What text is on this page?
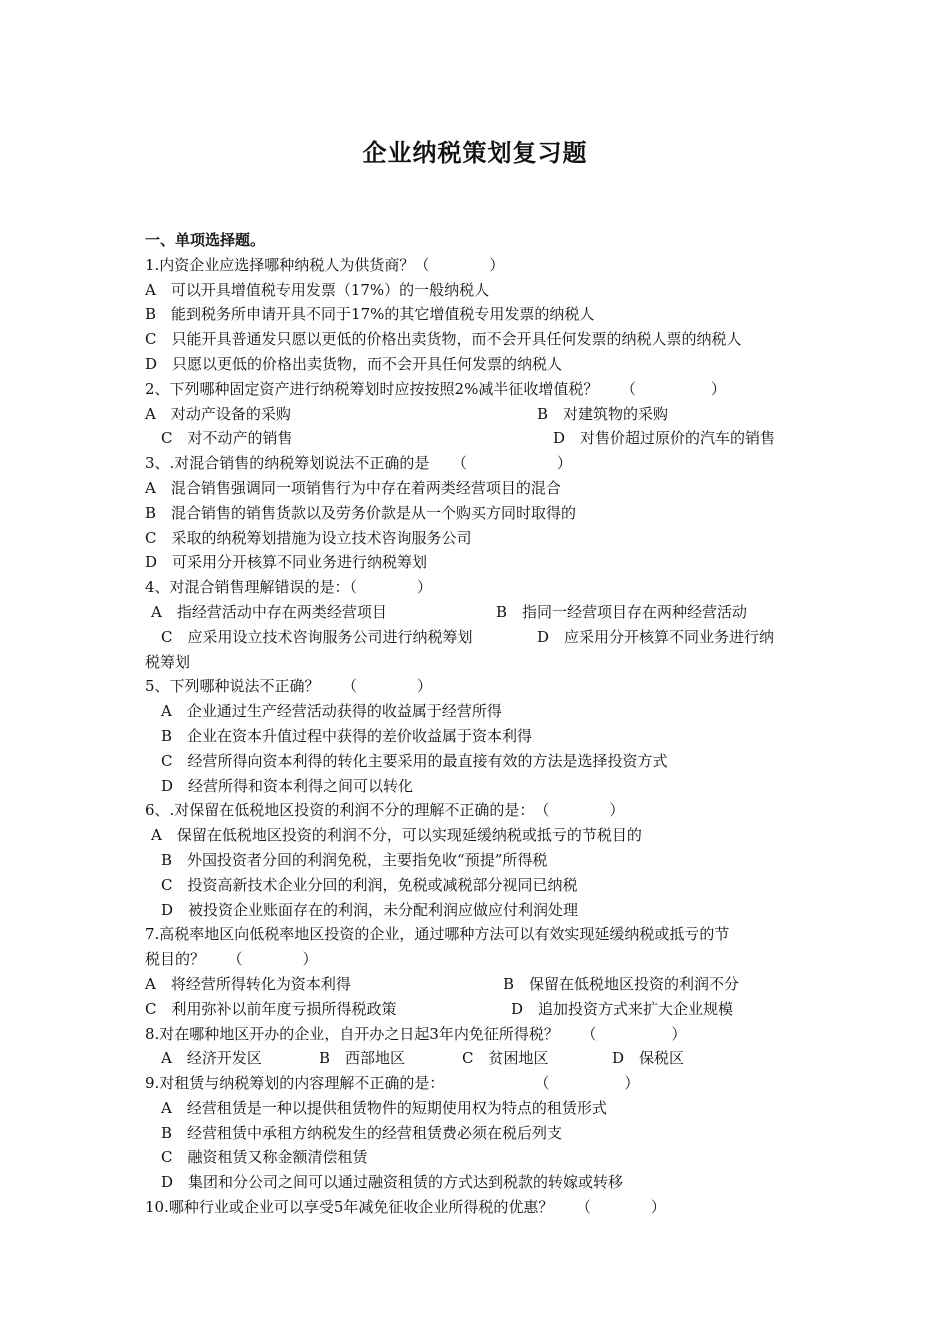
企业纳税策划复习题
一、单项选择题。
1.内资企业应选择哪种纳税人为供货商？（　　　　）
A　可以开具增值税专用发票（17%）的一般纳税人
B　能到税务所申请开具不同于17%的其它增值税专用发票的纳税人
C　只能开具普通发只愿以更低的价格出卖货物，而不会开具任何发票的纳税人票的纳税人
D　只愿以更低的价格出卖货物，而不会开具任何发票的纳税人
2、下列哪种固定资产进行纳税筹划时应按按照2%减半征收增值税？　　（　　　　　）
A　对动产设备的采购	B　对建筑物的采购
C　对不动产的销售	D　对售价超过原价的汽车的销售
3、.对混合销售的纳税筹划说法不正确的是　　（　　　　　　）
A　混合销售强调同一项销售行为中存在着两类经营项目的混合
B　混合销售的销售货款以及劳务价款是从一个购买方同时取得的
C　采取的纳税筹划措施为设立技术咨询服务公司
D　可采用分开核算不同业务进行纳税筹划
4、对混合销售理解错误的是：（　　　　）
A　指经营活动中存在两类经营项目	B　指同一经营项目存在两种经营活动
C　应采用设立技术咨询服务公司进行纳税筹划	D　应采用分开核算不同业务进行纳
税筹划
5、下列哪种说法不正确？　　（　　　　）
A　企业通过生产经营活动获得的收益属于经营所得
B　企业在资本升值过程中获得的差价收益属于资本利得
C　经营所得向资本利得的转化主要采用的最直接有效的方法是选择投资方式
D　经营所得和资本利得之间可以转化
6、.对保留在低税地区投资的利润不分的理解不正确的是：　（　　　　）
A　保留在低税地区投资的利润不分，可以实现延缓纳税或抵亏的节税目的
B　外国投资者分回的利润免税，主要指免收“预提”所得税
C　投资高新技术企业分回的利润，免税或减税部分视同已纳税
D　被投资企业账面存在的利润，未分配利润应做应付利润处理
7.高税率地区向低税率地区投资的企业，通过哪种方法可以有效实现延缓纳税或抵亏的节
税目的？　　（　　　　）
A　将经营所得转化为资本利得	B　保留在低税地区投资的利润不分
C　利用弥补以前年度亏损所得税政策	D　追加投资方式来扩大企业规模
8.对在哪种地区开办的企业，自开办之日起3年内免征所得税？　　（　　　　　）
A　经济开发区	B　西部地区	C　贫困地区	D　保税区
9.对租赁与纳税筹划的内容理解不正确的是：　　　　　　　（　　　　　）
A　经营租赁是一种以提供租赁物件的短期使用权为特点的租赁形式
B　经营租赁中承租方纳税发生的经营租赁费必须在税后列支
C　融资租赁又称金额清偿租赁
D　集团和分公司之间可以通过融资租赁的方式达到税款的转嫁或转移
10.哪种行业或企业可以享受5年减免征收企业所得税的优惠？　　（　　　　）
